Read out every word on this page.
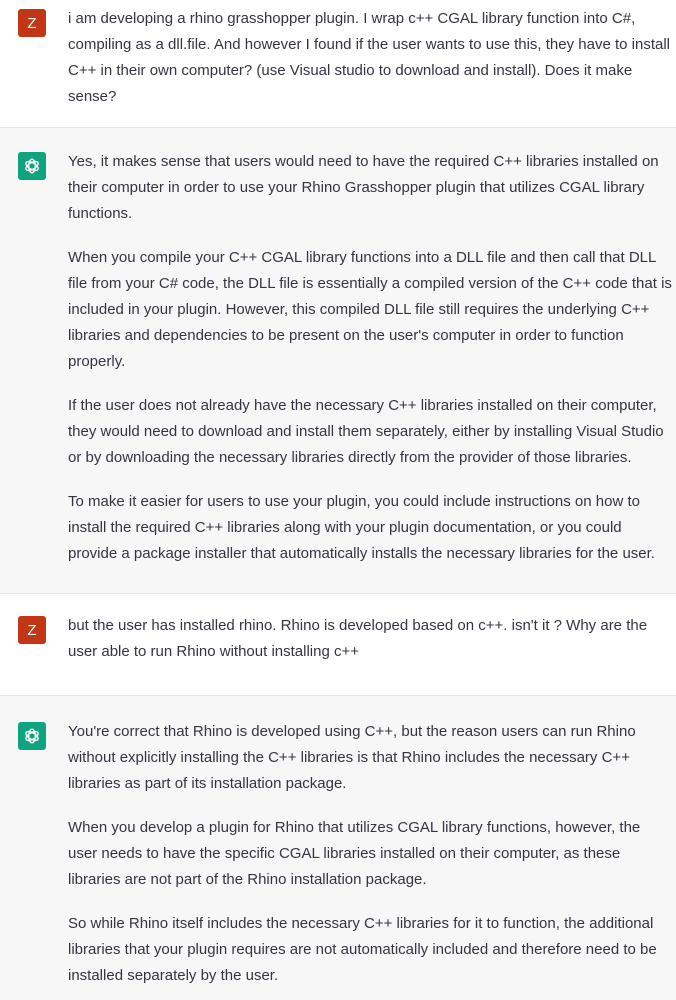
Z i am developing a rhino grasshopper plugin. I wrap c++ CGAL library function into C#, compiling as a dll.file. And however I found if the user wants to use this, they have to install C++ in their own computer? (use Visual studio to download and install). Does it make sense?

Yes, it makes sense that users would need to have the required C++ libraries installed on their computer in order to use your Rhino Grasshopper plugin that utilizes CGAL library functions.

When you compile your C++ CGAL library functions into a DLL file and then call that DLL file from your C# code, the DLL file is essentially a compiled version of the C++ code that is included in your plugin. However, this compiled DLL file still requires the underlying C++ libraries and dependencies to be present on the user's computer in order to function properly.

If the user does not already have the necessary C++ libraries installed on their computer, they would need to download and install them separately, either by installing Visual Studio or by downloading the necessary libraries directly from the provider of those libraries.

To make it easier for users to use your plugin, you could include instructions on how to install the required C++ libraries along with your plugin documentation, or you could provide a package installer that automatically installs the necessary libraries for the user.

Z but the user has installed rhino. Rhino is developed based on c++. isn't it ? Why are the user able to run Rhino without installing c++

You're correct that Rhino is developed using C++, but the reason users can run Rhino without explicitly installing the C++ libraries is that Rhino includes the necessary C++ libraries as part of its installation package.

When you develop a plugin for Rhino that utilizes CGAL library functions, however, the user needs to have the specific CGAL libraries installed on their computer, as these libraries are not part of the Rhino installation package.

So while Rhino itself includes the necessary C++ libraries for it to function, the additional libraries that your plugin requires are not automatically included and therefore need to be installed separately by the user.
